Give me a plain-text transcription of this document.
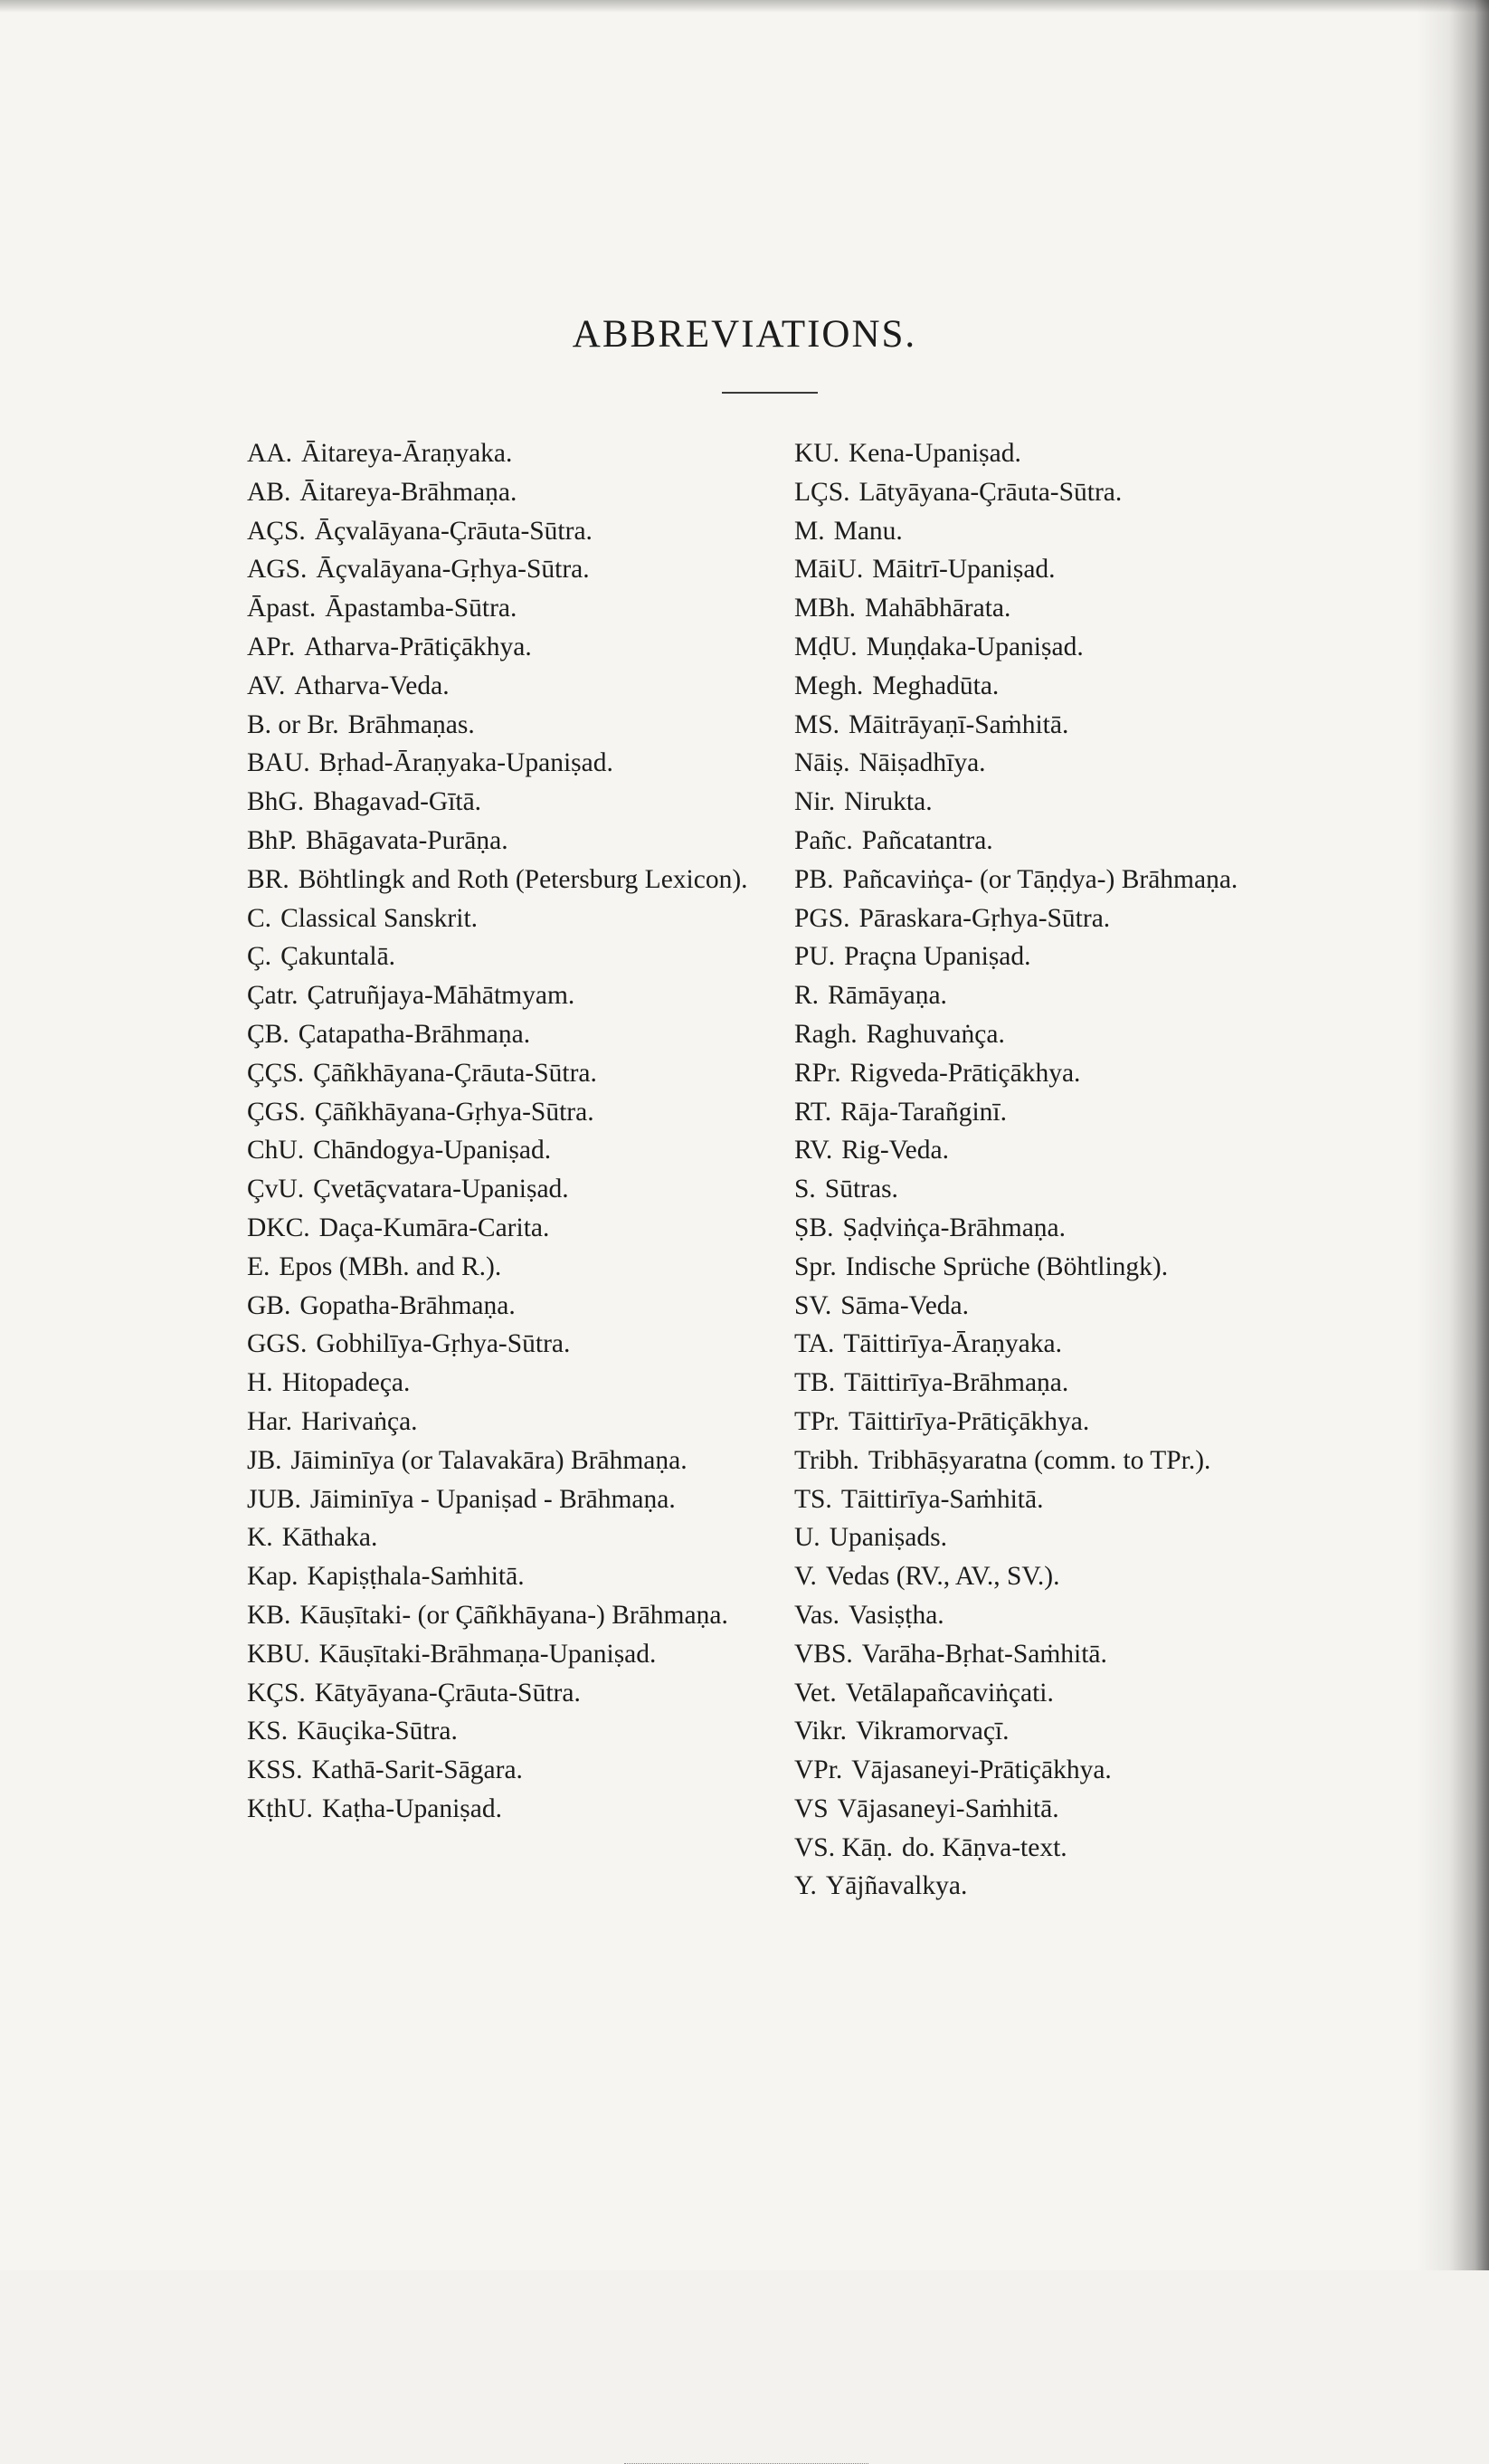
ABBREVIATIONS.

AA. Āitareya-Āraṇyaka.

AB. Āitareya-Brāhmaṇa.

AÇS. Āçvalāyana-Çrāuta-Sūtra.

AGS. Āçvalāyana-Gṛhya-Sūtra.

Āpast. Āpastamba-Sūtra.

APr. Atharva-Prātiçākhya.

AV. Atharva-Veda.

B. or Br. Brāhmaṇas.

BAU. Bṛhad-Āraṇyaka-Upaniṣad.

BhG. Bhagavad-Gītā.

BhP. Bhāgavata-Purāṇa.

BR. Böhtlingk and Roth (Petersburg Lexicon).

C. Classical Sanskrit.

Ç. Çakuntalā.

Çatr. Çatruñjaya-Māhātmyam.

ÇB. Çatapatha-Brāhmaṇa.

ÇÇS. Çāñkhāyana-Çrāuta-Sūtra.

ÇGS. Çāñkhāyana-Gṛhya-Sūtra.

ChU. Chāndogya-Upaniṣad.

ÇvU. Çvetāçvatara-Upaniṣad.

DKC. Daça-Kumāra-Carita.

E. Epos (MBh. and R.).

GB. Gopatha-Brāhmaṇa.

GGS. Gobhilīya-Gṛhya-Sūtra.

H. Hitopadeça.

Har. Harivaṅça.

JB. Jāiminīya (or Talavakāra) Brāhmaṇa.

JUB. Jāiminīya - Upaniṣad - Brāhmaṇa.

K. Kāthaka.

Kap. Kapiṣṭhala-Saṁhitā.

KB. Kāuṣītaki- (or Çāñkhāyana-) Brāhmaṇa.

KBU. Kāuṣītaki-Brāhmaṇa-Upaniṣad.

KÇS. Kātyāyana-Çrāuta-Sūtra.

KS. Kāuçika-Sūtra.

KSS. Kathā-Sarit-Sāgara.

KṭhU. Kaṭha-Upaniṣad.

KU. Kena-Upaniṣad.

LÇS. Lātyāyana-Çrāuta-Sūtra.

M. Manu.

MāiU. Māitrī-Upaniṣad.

MBh. Mahābhārata.

MḍU. Muṇḍaka-Upaniṣad.

Megh. Meghadūta.

MS. Māitrāyaṇī-Saṁhitā.

Nāiṣ. Nāiṣadhīya.

Nir. Nirukta.

Pañc. Pañcatantra.

PB. Pañcaviṅça- (or Tāṇḍya-) Brāhmaṇa.

PGS. Pāraskara-Gṛhya-Sūtra.

PU. Praçna Upaniṣad.

R. Rāmāyaṇa.

Ragh. Raghuvaṅça.

RPr. Rigveda-Prātiçākhya.

RT. Rāja-Tarañginī.

RV. Rig-Veda.

S. Sūtras.

ṢB. Ṣaḍviṅça-Brāhmaṇa.

Spr. Indische Sprüche (Böhtlingk).

SV. Sāma-Veda.

TA. Tāittirīya-Āraṇyaka.

TB. Tāittirīya-Brāhmaṇa.

TPr. Tāittirīya-Prātiçākhya.

Tribh. Tribhāṣyaratna (comm. to TPr.).

TS. Tāittirīya-Saṁhitā.

U. Upaniṣads.

V. Vedas (RV., AV., SV.).

Vas. Vasiṣṭha.

VBS. Varāha-Bṛhat-Saṁhitā.

Vet. Vetālapañcaviṅçati.

Vikr. Vikramorvaçī.

VPr. Vājasaneyi-Prātiçākhya.

VS Vājasaneyi-Saṁhitā.

VS. Kāṇ. do. Kāṇva-text.

Y. Yājñavalkya.
